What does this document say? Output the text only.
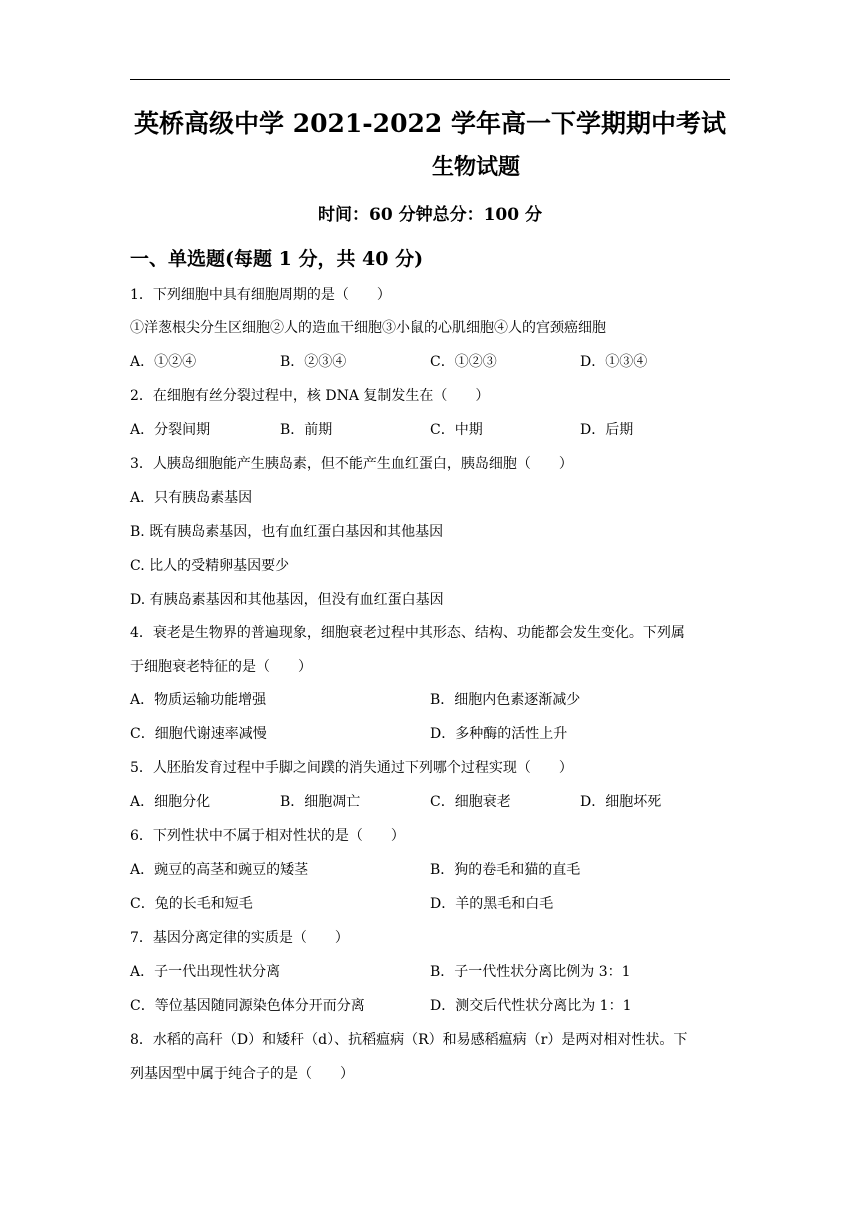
英桥高级中学 2021-2022 学年高一下学期期中考试
生物试题
时间：60 分钟总分：100 分
一、单选题(每题 1 分，共 40 分)
1．下列细胞中具有细胞周期的是（　　）
①洋葱根尖分生区细胞②人的造血干细胞③小鼠的心肌细胞④人的宫颈癌细胞
A．①②④	B．②③④	C．①②③	D．①③④
2．在细胞有丝分裂过程中，核 DNA 复制发生在（　　）
A．分裂间期	B．前期	C．中期	D．后期
3．人胰岛细胞能产生胰岛素，但不能产生血红蛋白，胰岛细胞（　　）
A．只有胰岛素基因
B. 既有胰岛素基因，也有血红蛋白基因和其他基因
C. 比人的受精卵基因要少
D. 有胰岛素基因和其他基因，但没有血红蛋白基因
4．衰老是生物界的普遍现象，细胞衰老过程中其形态、结构、功能都会发生变化。下列属
于细胞衰老特征的是（　　）
A．物质运输功能增强	B．细胞内色素逐渐减少
C．细胞代谢速率减慢	D．多种酶的活性上升
5．人胚胎发育过程中手脚之间蹼的消失通过下列哪个过程实现（　　）
A．细胞分化	B．细胞凋亡	C．细胞衰老	D．细胞坏死
6．下列性状中不属于相对性状的是（　　）
A．豌豆的高茎和豌豆的矮茎	B．狗的卷毛和猫的直毛
C．兔的长毛和短毛	D．羊的黑毛和白毛
7．基因分离定律的实质是（　　）
A．子一代出现性状分离	B．子一代性状分离比例为 3：1
C．等位基因随同源染色体分开而分离	D．测交后代性状分离比为 1：1
8．水稻的高秆（D）和矮秆（d）、抗稻瘟病（R）和易感稻瘟病（r）是两对相对性状。下
列基因型中属于纯合子的是（　　）
